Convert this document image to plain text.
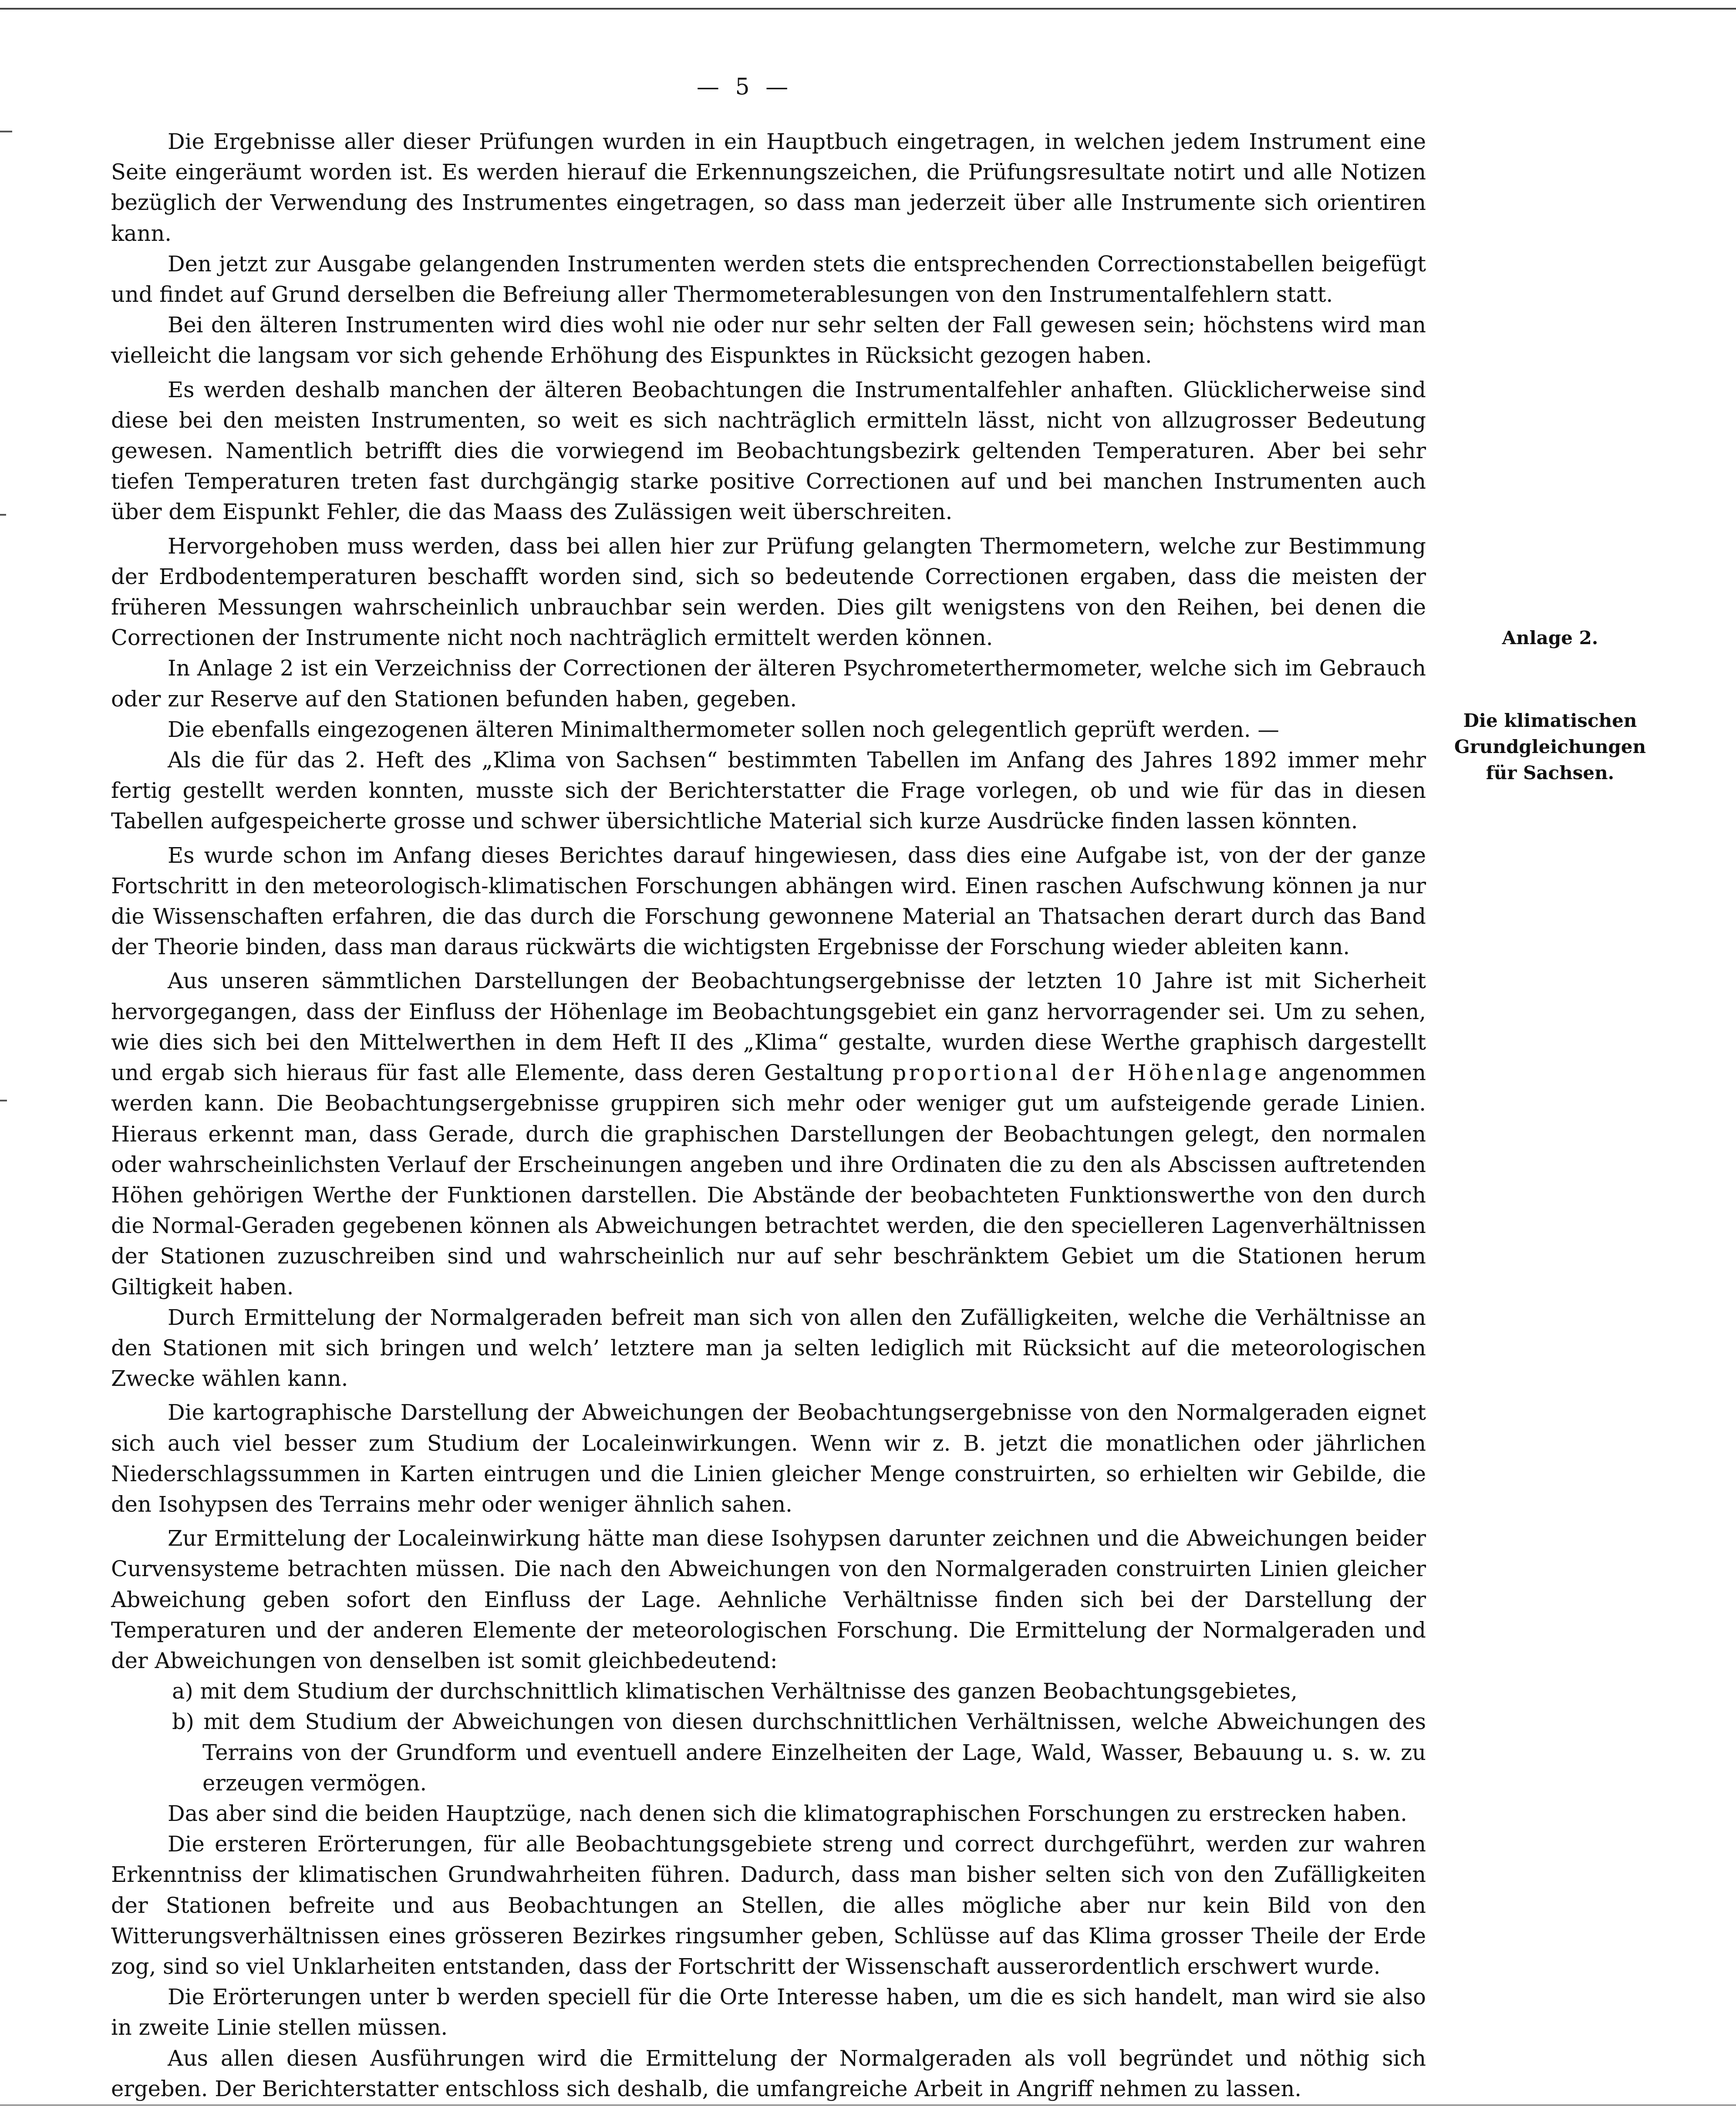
— 5 —

Die Ergebnisse aller dieser Prüfungen wurden in ein Hauptbuch eingetragen, in welchen jedem Instrument eine Seite eingeräumt worden ist. Es werden hierauf die Erkennungszeichen, die Prüfungsresultate notirt und alle Notizen bezüglich der Verwendung des Instrumentes eingetragen, so dass man jederzeit über alle Instrumente sich orientiren kann.

Den jetzt zur Ausgabe gelangenden Instrumenten werden stets die entsprechenden Correctionstabellen beigefügt und findet auf Grund derselben die Befreiung aller Thermometerablesungen von den Instrumentalfehlern statt.

Bei den älteren Instrumenten wird dies wohl nie oder nur sehr selten der Fall gewesen sein; höchstens wird man vielleicht die langsam vor sich gehende Erhöhung des Eispunktes in Rücksicht gezogen haben.

Es werden deshalb manchen der älteren Beobachtungen die Instrumentalfehler anhaften. Glücklicherweise sind diese bei den meisten Instrumenten, so weit es sich nachträglich ermitteln lässt, nicht von allzugrosser Bedeutung gewesen. Namentlich betrifft dies die vorwiegend im Beobachtungsbezirk geltenden Temperaturen. Aber bei sehr tiefen Temperaturen treten fast durchgängig starke positive Correctionen auf und bei manchen Instrumenten auch über dem Eispunkt Fehler, die das Maass des Zulässigen weit überschreiten.

Hervorgehoben muss werden, dass bei allen hier zur Prüfung gelangten Thermometern, welche zur Bestimmung der Erdbodentemperaturen beschafft worden sind, sich so bedeutende Correctionen ergaben, dass die meisten der früheren Messungen wahrscheinlich unbrauchbar sein werden. Dies gilt wenigstens von den Reihen, bei denen die Correctionen der Instrumente nicht noch nachträglich ermittelt werden können.

In Anlage 2 ist ein Verzeichniss der Correctionen der älteren Psychrometerthermometer, welche sich im Gebrauch oder zur Reserve auf den Stationen befunden haben, gegeben.

Die ebenfalls eingezogenen älteren Minimalthermometer sollen noch gelegentlich geprüft werden. —

Als die für das 2. Heft des „Klima von Sachsen“ bestimmten Tabellen im Anfang des Jahres 1892 immer mehr fertig gestellt werden konnten, musste sich der Berichterstatter die Frage vorlegen, ob und wie für das in diesen Tabellen aufgespeicherte grosse und schwer übersichtliche Material sich kurze Ausdrücke finden lassen könnten.

Es wurde schon im Anfang dieses Berichtes darauf hingewiesen, dass dies eine Aufgabe ist, von der der ganze Fortschritt in den meteorologisch-klimatischen Forschungen abhängen wird. Einen raschen Aufschwung können ja nur die Wissenschaften erfahren, die das durch die Forschung gewonnene Material an Thatsachen derart durch das Band der Theorie binden, dass man daraus rückwärts die wichtigsten Ergebnisse der Forschung wieder ableiten kann.

Aus unseren sämmtlichen Darstellungen der Beobachtungsergebnisse der letzten 10 Jahre ist mit Sicherheit hervorgegangen, dass der Einfluss der Höhenlage im Beobachtungsgebiet ein ganz hervorragender sei. Um zu sehen, wie dies sich bei den Mittelwerthen in dem Heft II des „Klima“ gestalte, wurden diese Werthe graphisch dargestellt und ergab sich hieraus für fast alle Elemente, dass deren Gestaltung proportional der Höhenlage angenommen werden kann. Die Beobachtungsergebnisse gruppiren sich mehr oder weniger gut um aufsteigende gerade Linien. Hieraus erkennt man, dass Gerade, durch die graphischen Darstellungen der Beobachtungen gelegt, den normalen oder wahrscheinlichsten Verlauf der Erscheinungen angeben und ihre Ordinaten die zu den als Abscissen auftretenden Höhen gehörigen Werthe der Funktionen darstellen. Die Abstände der beobachteten Funktionswerthe von den durch die Normal-Geraden gegebenen können als Abweichungen betrachtet werden, die den specielleren Lagenverhältnissen der Stationen zuzuschreiben sind und wahrscheinlich nur auf sehr beschränktem Gebiet um die Stationen herum Giltigkeit haben.

Durch Ermittelung der Normalgeraden befreit man sich von allen den Zufälligkeiten, welche die Verhältnisse an den Stationen mit sich bringen und welch’ letztere man ja selten lediglich mit Rücksicht auf die meteorologischen Zwecke wählen kann.

Die kartographische Darstellung der Abweichungen der Beobachtungsergebnisse von den Normalgeraden eignet sich auch viel besser zum Studium der Localeinwirkungen. Wenn wir z. B. jetzt die monatlichen oder jährlichen Niederschlagssummen in Karten eintrugen und die Linien gleicher Menge construirten, so erhielten wir Gebilde, die den Isohypsen des Terrains mehr oder weniger ähnlich sahen.

Zur Ermittelung der Localeinwirkung hätte man diese Isohypsen darunter zeichnen und die Abweichungen beider Curvensysteme betrachten müssen. Die nach den Abweichungen von den Normalgeraden construirten Linien gleicher Abweichung geben sofort den Einfluss der Lage. Aehnliche Verhältnisse finden sich bei der Darstellung der Temperaturen und der anderen Elemente der meteorologischen Forschung. Die Ermittelung der Normalgeraden und der Abweichungen von denselben ist somit gleichbedeutend:

a) mit dem Studium der durchschnittlich klimatischen Verhältnisse des ganzen Beobachtungsgebietes,

b) mit dem Studium der Abweichungen von diesen durchschnittlichen Verhältnissen, welche Abweichungen des Terrains von der Grundform und eventuell andere Einzelheiten der Lage, Wald, Wasser, Bebauung u. s. w. zu erzeugen vermögen.

Das aber sind die beiden Hauptzüge, nach denen sich die klimatographischen Forschungen zu erstrecken haben.

Die ersteren Erörterungen, für alle Beobachtungsgebiete streng und correct durchgeführt, werden zur wahren Erkenntniss der klimatischen Grundwahrheiten führen. Dadurch, dass man bisher selten sich von den Zufälligkeiten der Stationen befreite und aus Beobachtungen an Stellen, die alles mögliche aber nur kein Bild von den Witterungsverhältnissen eines grösseren Bezirkes ringsumher geben, Schlüsse auf das Klima grosser Theile der Erde zog, sind so viel Unklarheiten entstanden, dass der Fortschritt der Wissenschaft ausserordentlich erschwert wurde.

Die Erörterungen unter b werden speciell für die Orte Interesse haben, um die es sich handelt, man wird sie also in zweite Linie stellen müssen.

Aus allen diesen Ausführungen wird die Ermittelung der Normalgeraden als voll begründet und nöthig sich ergeben. Der Berichterstatter entschloss sich deshalb, die umfangreiche Arbeit in Angriff nehmen zu lassen.

Anlage 2.

Die klimatischen

Grundgleichungen

für Sachsen.
